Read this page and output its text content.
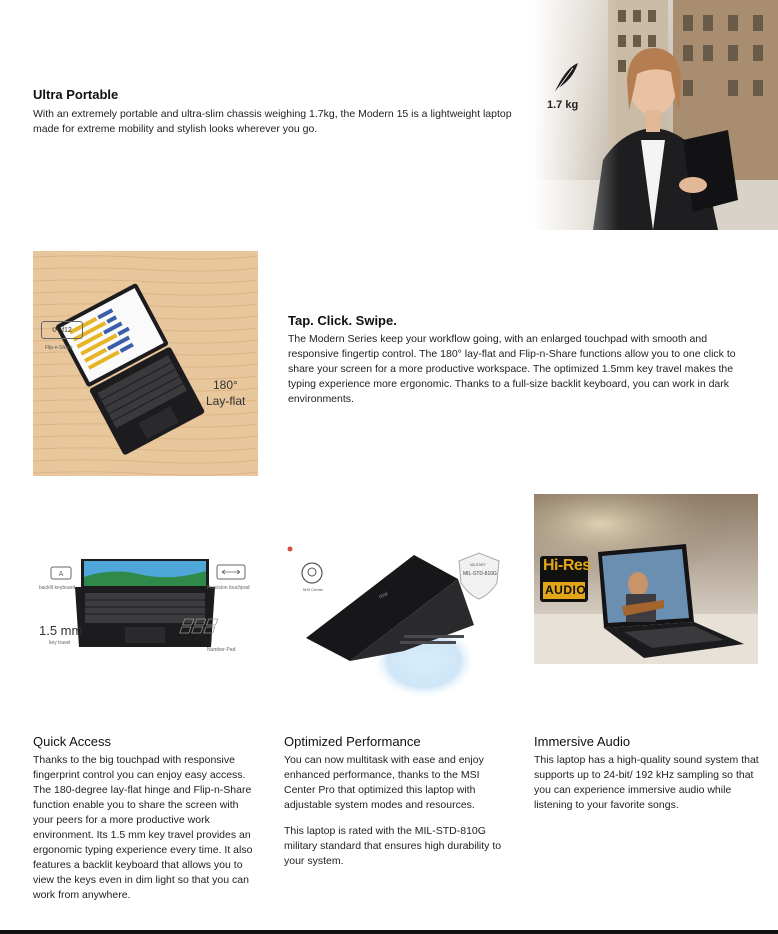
Ultra Portable

With an extremely portable and ultra-slim chassis weighing 1.7kg, the Modern 15 is a lightweight laptop made for extreme mobility and stylish looks wherever you go.

1.7 kg
⟳ f12
Flip-n-Share
180°
Lay-flat
Tap. Click. Swipe.

The Modern Series keep your workflow going, with an enlarged touchpad with smooth and responsive fingertip control. The 180° lay-flat and Flip-n-Share functions allow you to one click to share your screen for a more productive workspace. The optimized 1.5mm key travel makes the typing experience more ergonomic. Thanks to a full-size backlit keyboard, you can work in dark environments.

A
backlit keyboard	Precision touchpad
1.5 mm
key travel
Number-Pad
msi
MSI Center
MILITARY
MIL-STD-810G	Hi-Res
AUDIO
Quick Access

Thanks to the big touchpad with responsive fingerprint control you can enjoy easy access. The 180-degree lay-flat hinge and Flip-n-Share function enable you to share the screen with your peers for a more productive work environment. Its 1.5 mm key travel provides an ergonomic typing experience every time. It also features a backlit keyboard that allows you to view the keys even in dim light so that you can work from anywhere.

Optimized Performance

You can now multitask with ease and enjoy enhanced performance, thanks to the MSI Center Pro that optimized this laptop with adjustable system modes and resources.

This laptop is rated with the MIL-STD-810G military standard that ensures high durability to your system.

Immersive Audio

This laptop has a high-quality sound system that supports up to 24-bit/ 192 kHz sampling so that you can experience immersive audio while listening to your favorite songs.
